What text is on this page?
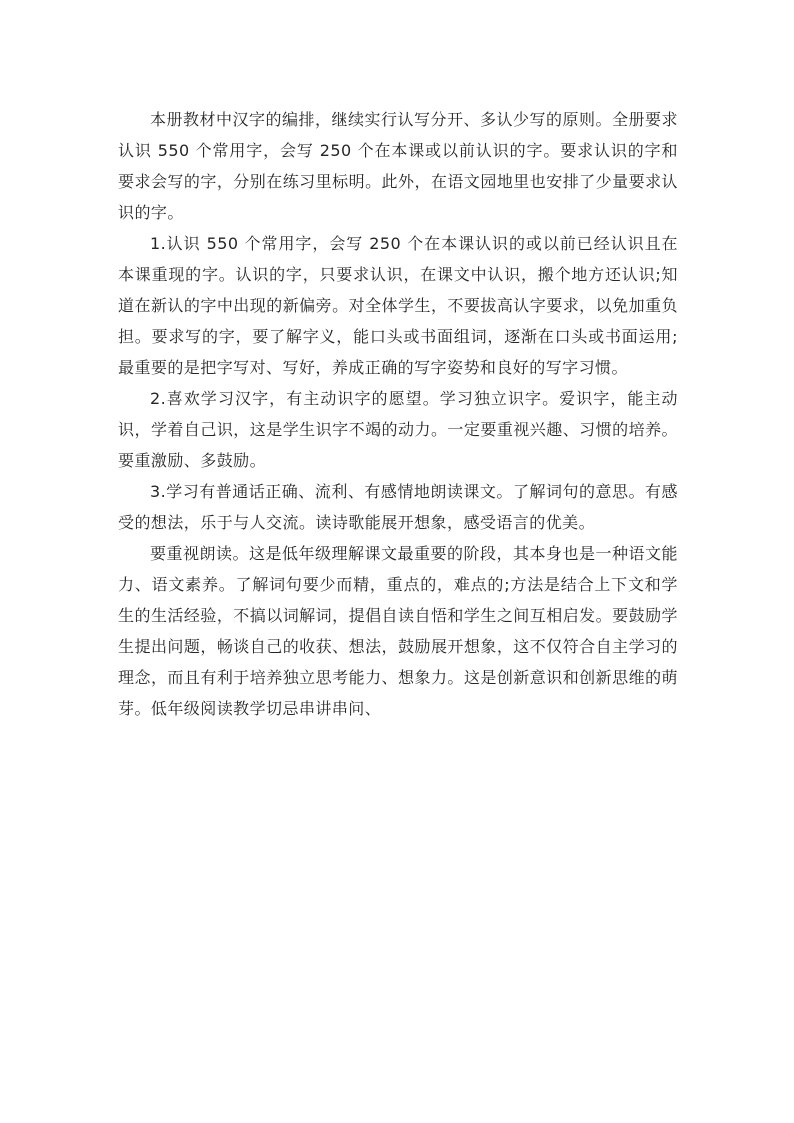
本册教材中汉字的编排，继续实行认写分开、多认少写的原则。全册要求认识 550 个常用字，会写 250 个在本课或以前认识的字。要求认识的字和要求会写的字，分别在练习里标明。此外，在语文园地里也安排了少量要求认识的字。

1.认识 550 个常用字，会写 250 个在本课认识的或以前已经认识且在本课重现的字。认识的字，只要求认识，在课文中认识，搬个地方还认识;知道在新认的字中出现的新偏旁。对全体学生，不要拔高认字要求，以免加重负担。要求写的字，要了解字义，能口头或书面组词，逐渐在口头或书面运用;最重要的是把字写对、写好，养成正确的写字姿势和良好的写字习惯。

2.喜欢学习汉字，有主动识字的愿望。学习独立识字。爱识字，能主动识，学着自己识，这是学生识字不竭的动力。一定要重视兴趣、习惯的培养。要重激励、多鼓励。

3.学习有普通话正确、流利、有感情地朗读课文。了解词句的意思。有感受的想法，乐于与人交流。读诗歌能展开想象，感受语言的优美。

要重视朗读。这是低年级理解课文最重要的阶段，其本身也是一种语文能力、语文素养。了解词句要少而精，重点的，难点的;方法是结合上下文和学生的生活经验，不搞以词解词，提倡自读自悟和学生之间互相启发。要鼓励学生提出问题，畅谈自己的收获、想法，鼓励展开想象，这不仅符合自主学习的理念，而且有利于培养独立思考能力、想象力。这是创新意识和创新思维的萌芽。低年级阅读教学切忌串讲串问、
